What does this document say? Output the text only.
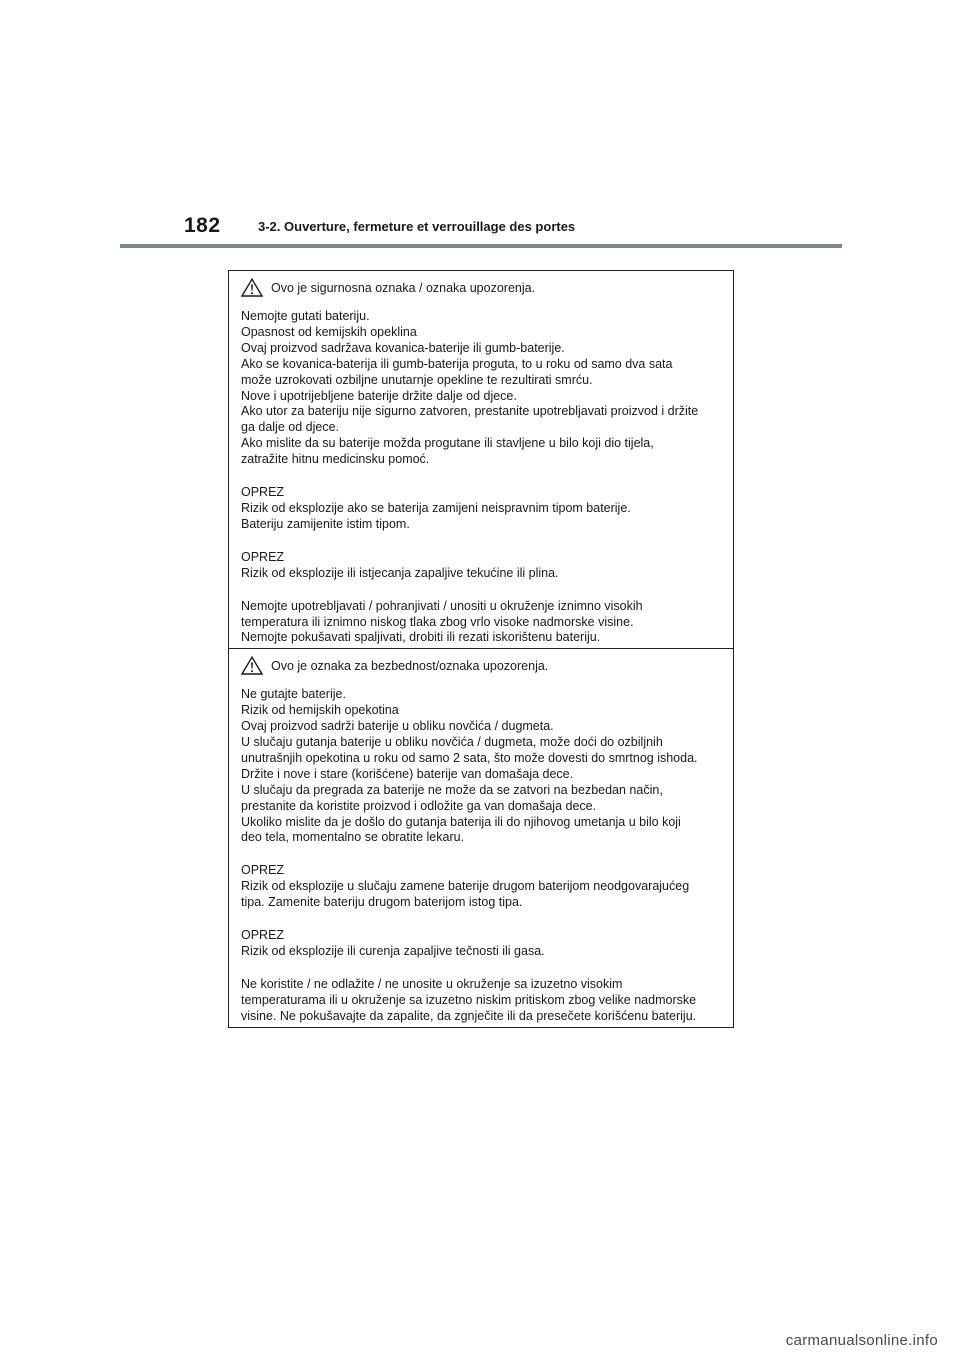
182	3-2. Ouverture, fermeture et verrouillage des portes
Ovo je sigurnosna oznaka / oznaka upozorenja.
Nemojte gutati bateriju.
Opasnost od kemijskih opeklina
Ovaj proizvod sadržava kovanica-baterije ili gumb-baterije.
Ako se kovanica-baterija ili gumb-baterija proguta, to u roku od samo dva sata
može uzrokovati ozbiljne unutarnje opekline te rezultirati smrću.
Nove i upotrijebljene baterije držite dalje od djece.
Ako utor za bateriju nije sigurno zatvoren, prestanite upotrebljavati proizvod i držite
ga dalje od djece.
Ako mislite da su baterije možda progutane ili stavljene u bilo koji dio tijela,
zatražite hitnu medicinsku pomoć.
OPREZ
Rizik od eksplozije ako se baterija zamijeni neispravnim tipom baterije.
Bateriju zamijenite istim tipom.
OPREZ
Rizik od eksplozije ili istjecanja zapaljive tekućine ili plina.
Nemojte upotrebljavati / pohranjivati / unositi u okruženje iznimno visokih
temperatura ili iznimno niskog tlaka zbog vrlo visoke nadmorske visine.
Nemojte pokušavati spaljivati, drobiti ili rezati iskorištenu bateriju.
Ovo je oznaka za bezbednost/oznaka upozorenja.
Ne gutajte baterije.
Rizik od hemijskih opekotina
Ovaj proizvod sadrži baterije u obliku novčića / dugmeta.
U slučaju gutanja baterije u obliku novčića / dugmeta, može doći do ozbiljnih
unutrašnjih opekotina u roku od samo 2 sata, što može dovesti do smrtnog ishoda.
Držite i nove i stare (korišćene) baterije van domašaja dece.
U slučaju da pregrada za baterije ne može da se zatvori na bezbedan način,
prestanite da koristite proizvod i odložite ga van domašaja dece.
Ukoliko mislite da je došlo do gutanja baterija ili do njihovog umetanja u bilo koji
deo tela, momentalno se obratite lekaru.
OPREZ
Rizik od eksplozije u slučaju zamene baterije drugom baterijom neodgovarajućeg
tipa. Zamenite bateriju drugom baterijom istog tipa.
OPREZ
Rizik od eksplozije ili curenja zapaljive tečnosti ili gasa.
Ne koristite / ne odlažite / ne unosite u okruženje sa izuzetno visokim
temperaturama ili u okruženje sa izuzetno niskim pritiskom zbog velike nadmorske
visine. Ne pokušavajte da zapalite, da zgnječite ili da presečete korišćenu bateriju.
carmanualsonline.info
